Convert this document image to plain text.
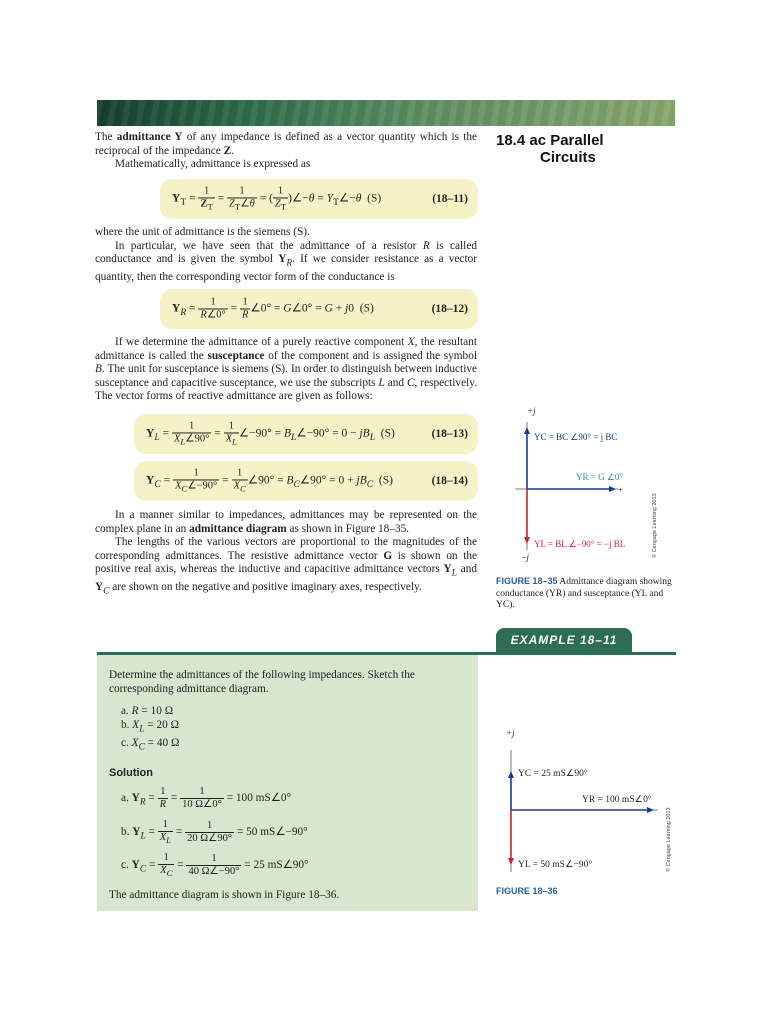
18.4 ac Parallel
Circuits

The admittance Y of any impedance is defined as a vector quantity which is the reciprocal of the impedance Z.

Mathematically, admittance is expressed as

$Y_T = \frac{1}{Z_T} = \frac{1}{Z_T\angle\theta}$ = ( $\frac{1}{Z_T}$ )∠−θ = $Y_T\angle-\theta$  (S)	(18–11)

where the unit of admittance is the siemens (S).

In particular, we have seen that the admittance of a resistor R is called conductance and is given the symbol $Y_R$. If we consider resistance as a vector quantity, then the corresponding vector form of the conductance is

$Y_R = \frac{1}{R\angle 0^\circ} = \frac{1}{R}$ ∠0° = G∠0° = G + j0  (S)	(18–12)

If we determine the admittance of a purely reactive component X, the resultant admittance is called the susceptance of the component and is assigned the symbol B. The unit for susceptance is siemens (S). In order to distinguish between inductive susceptance and capacitive susceptance, we use the subscripts L and C, respectively. The vector forms of reactive admittance are given as follows:

$Y_L = \frac{1}{X_L\angle 90^\circ} = \frac{1}{X_L}$ ∠−90° = $B_L\angle-90^\circ = 0 - jB_L$  (S)	(18–13)
$Y_C = \frac{1}{X_C\angle-90^\circ} = \frac{1}{X_C}$ ∠90° = $B_C\angle 90^\circ = 0 + jB_C$  (S)	(18–14)

In a manner similar to impedances, admittances may be represented on the complex plane in an admittance diagram as shown in Figure 18–35.

The lengths of the various vectors are proportional to the magnitudes of the corresponding admittances. The resistive admittance vector G is shown on the positive real axis, whereas the inductive and capacitive admittance vectors $Y_L$ and $Y_C$ are shown on the negative and positive imaginary axes, respectively.

+j
–j
+
YC = BC ∠90° = j BC
YR = G ∠0°
YL = BL ∠−90° = −j BL	© Cengage Learning 2013
FIGURE 18–35 Admittance diagram showing conductance (YR) and susceptance (YL and YC).
EXAMPLE 18–11
Determine the admittances of the following impedances. Sketch the corresponding admittance diagram.
a. R = 10 Ω
b. $X_L = 20$ Ω
c. $X_C = 40$ Ω
Solution
a. $Y_R = \frac{1}{R} = \frac{1}{10 \Omega\angle 0^\circ} = 100$ mS∠0°
b. $Y_L = \frac{1}{X_L} = \frac{1}{20 \Omega\angle 90^\circ} = 50$ mS∠−90°
c. $Y_C = \frac{1}{X_C} = \frac{1}{40 \Omega\angle-90^\circ} = 25$ mS∠90°
The admittance diagram is shown in Figure 18–36.
+j
YC = 25 mS∠90°
YR = 100 mS∠0°
YL = 50 mS∠−90°	© Cengage Learning 2013
FIGURE 18–36
